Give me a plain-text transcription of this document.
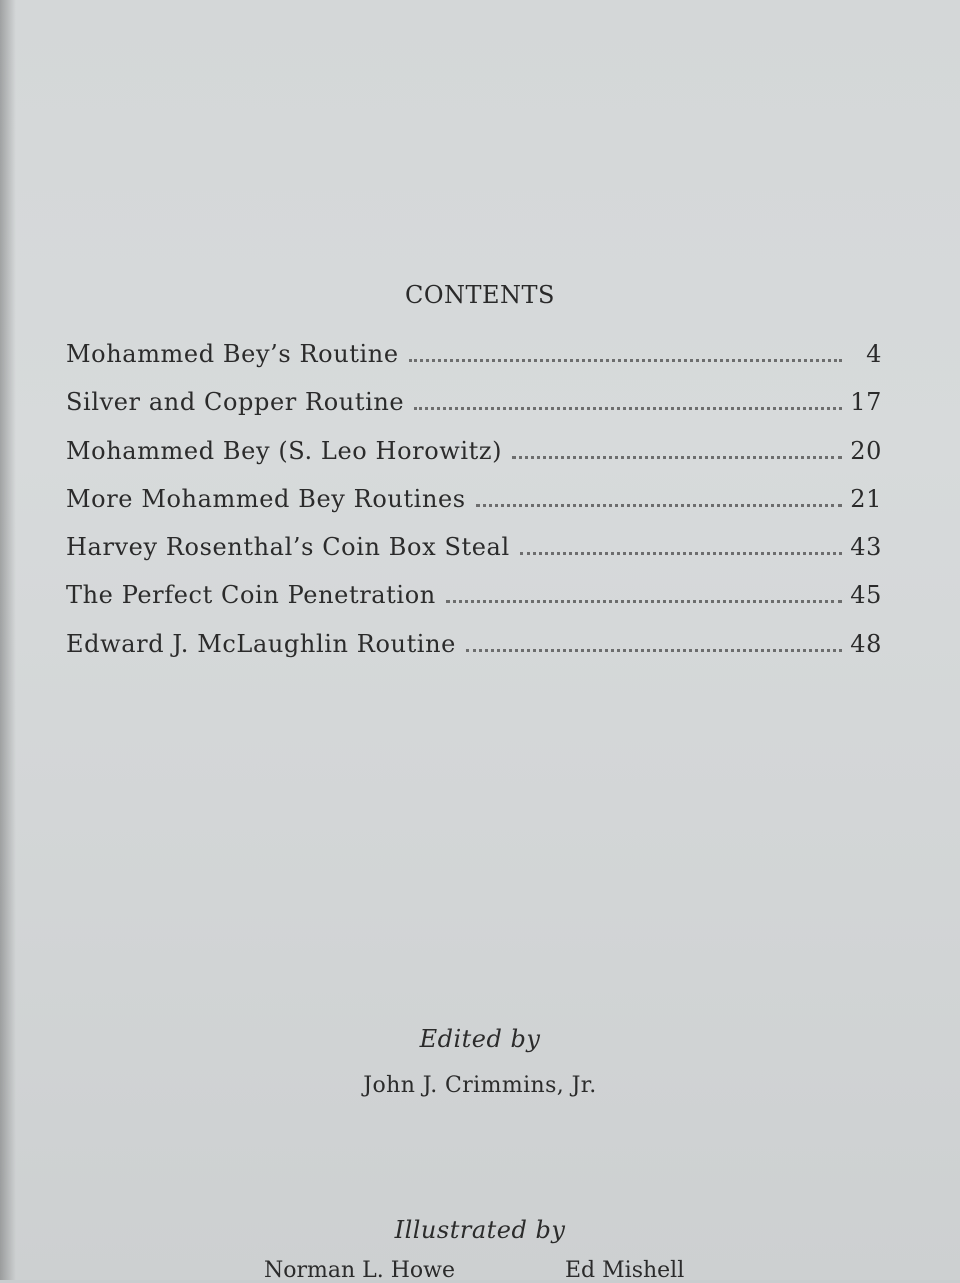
CONTENTS
Mohammed Bey’s Routine	4
Silver and Copper Routine	17
Mohammed Bey (S. Leo Horowitz)	20
More Mohammed Bey Routines	21
Harvey Rosenthal’s Coin Box Steal	43
The Perfect Coin Penetration	45
Edward J. McLaughlin Routine	48
Edited by
John J. Crimmins, Jr.
Illustrated by
Norman L. Howe	Ed Mishell
